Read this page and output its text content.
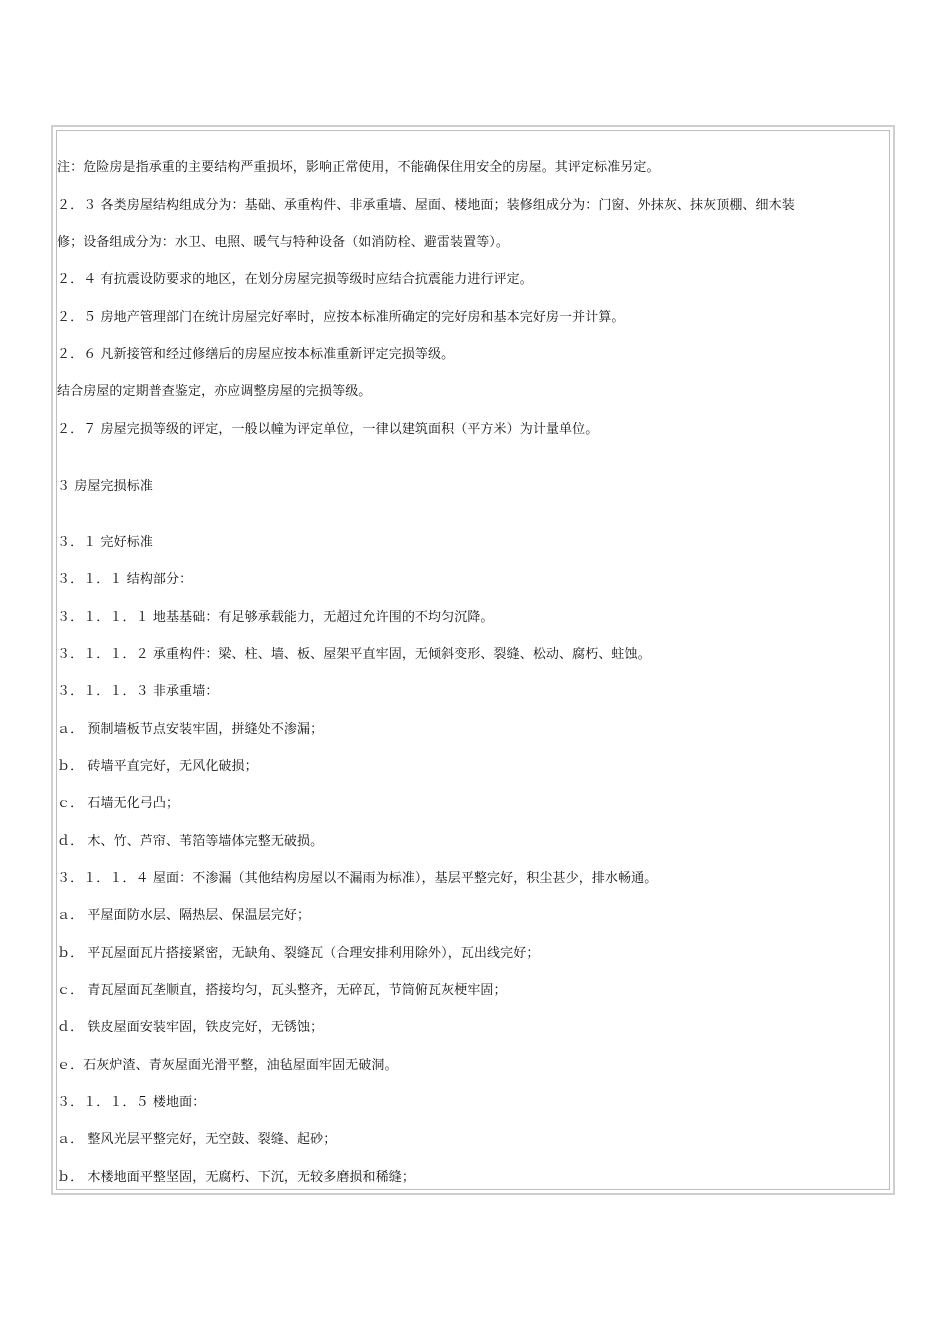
注：危险房是指承重的主要结构严重损坏，影响正常使用，不能确保住用安全的房屋。其评定标准另定。
２．３ 各类房屋结构组成分为：基础、承重构件、非承重墙、屋面、楼地面；装修组成分为：门窗、外抹灰、抹灰顶棚、细木装
修；设备组成分为：水卫、电照、暖气与特种设备（如消防栓、避雷装置等）。
２．４ 有抗震设防要求的地区，在划分房屋完损等级时应结合抗震能力进行评定。
２．５ 房地产管理部门在统计房屋完好率时，应按本标准所确定的完好房和基本完好房一并计算。
２．６ 凡新接管和经过修缮后的房屋应按本标准重新评定完损等级。
结合房屋的定期普查鉴定，亦应调整房屋的完损等级。
２．７ 房屋完损等级的评定，一般以幢为评定单位，一律以建筑面积（平方米）为计量单位。
３ 房屋完损标准
３．１ 完好标准
３．１．１ 结构部分：
３．１．１．１ 地基基础：有足够承载能力，无超过允许围的不均匀沉降。
３．１．１．２ 承重构件：梁、柱、墙、板、屋架平直牢固，无倾斜变形、裂缝、松动、腐朽、蛀蚀。
３．１．１．３ 非承重墙：
ａ． 预制墙板节点安装牢固，拼缝处不渗漏；
ｂ． 砖墙平直完好，无风化破损；
ｃ． 石墙无化弓凸；
ｄ． 木、竹、芦帘、苇箔等墙体完整无破损。
３．１．１．４ 屋面：不渗漏（其他结构房屋以不漏雨为标准），基层平整完好，积尘甚少，排水畅通。
ａ． 平屋面防水层、隔热层、保温层完好；
ｂ． 平瓦屋面瓦片搭接紧密，无缺角、裂缝瓦（合理安排利用除外），瓦出线完好；
ｃ． 青瓦屋面瓦垄顺直，搭接均匀，瓦头整齐，无碎瓦，节筒俯瓦灰梗牢固；
ｄ． 铁皮屋面安装牢固，铁皮完好，无锈蚀；
ｅ．石灰炉渣、青灰屋面光滑平整，油毡屋面牢固无破洞。
３．１．１．５ 楼地面：
ａ． 整风光层平整完好，无空鼓、裂缝、起砂；
ｂ． 木楼地面平整坚固，无腐朽、下沉，无较多磨损和稀缝；
